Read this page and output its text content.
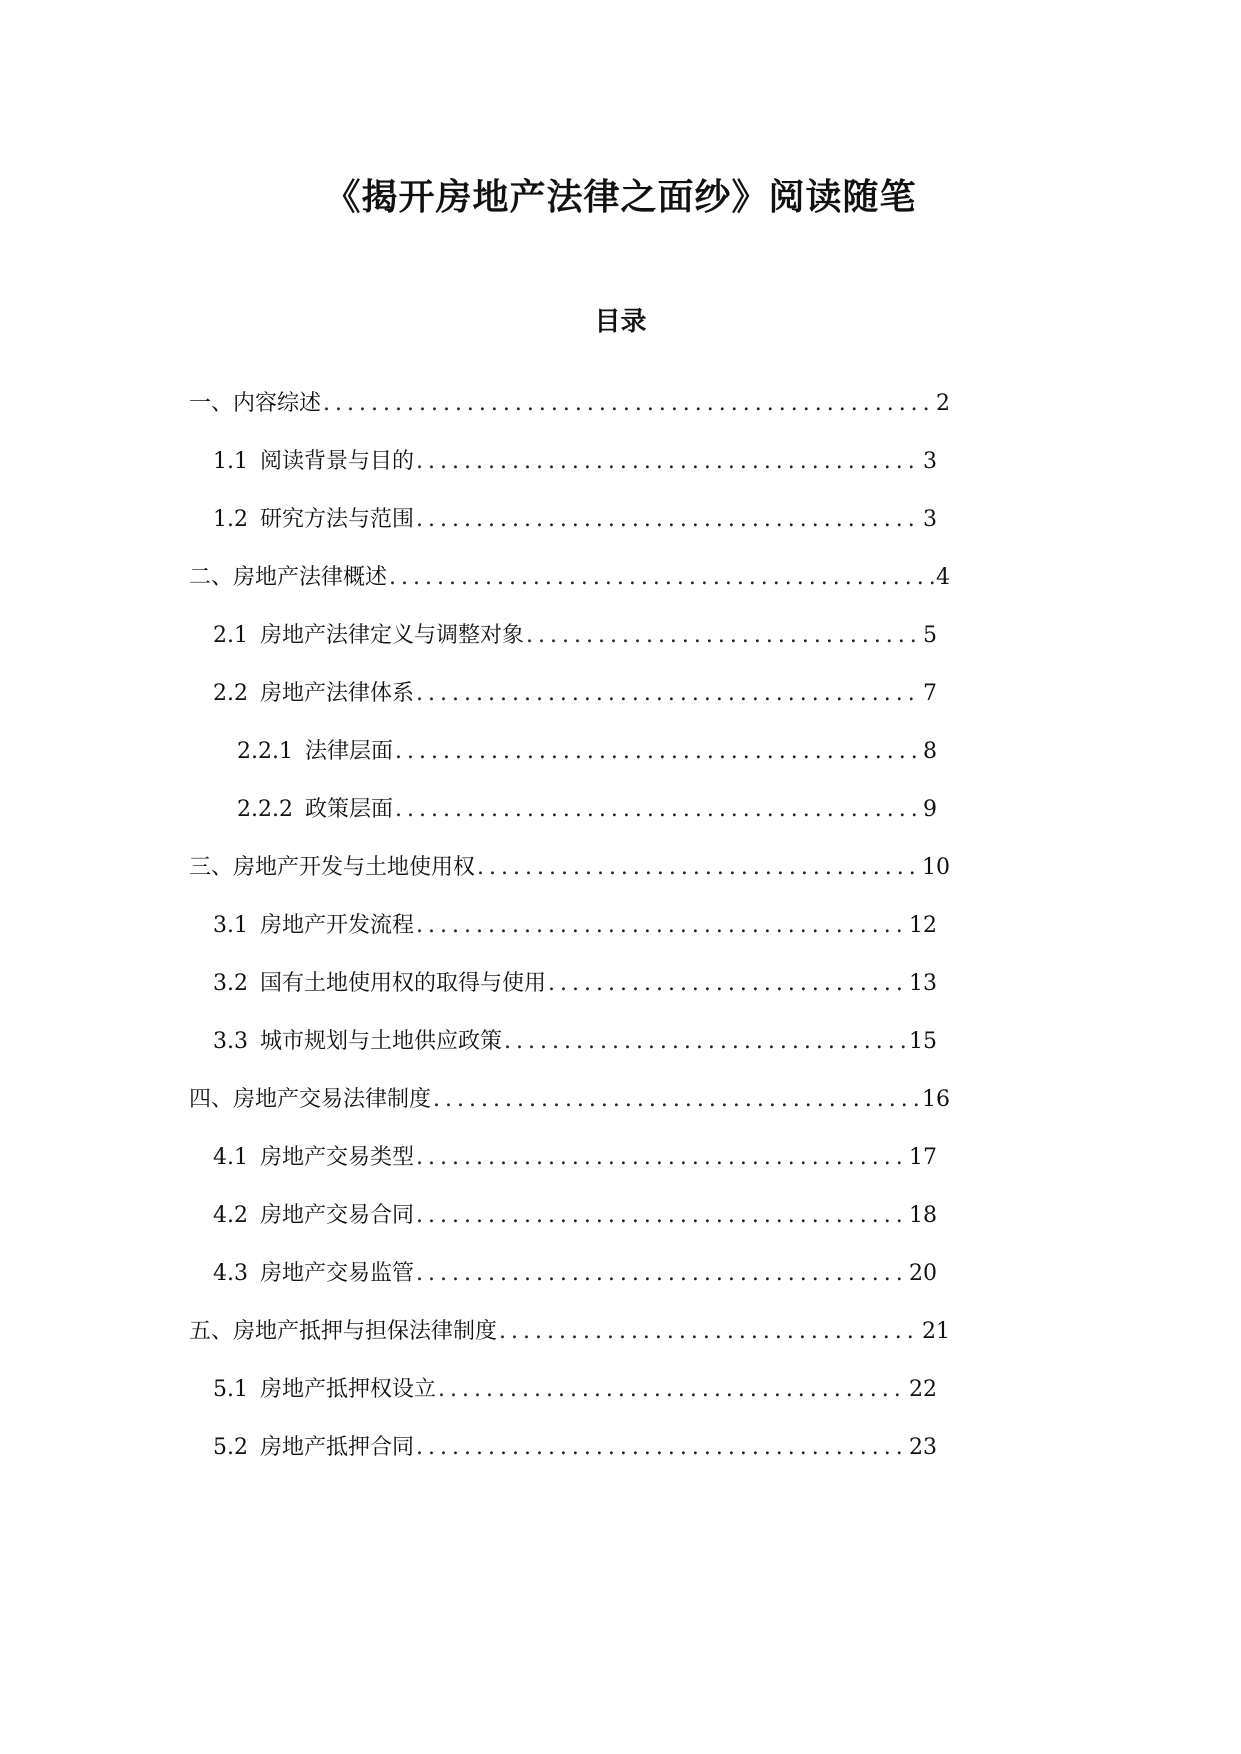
《揭开房地产法律之面纱》阅读随笔
目录
一、内容综述 .....	2
1.1 阅读背景与目的 .....	3
1.2 研究方法与范围 .....	3
二、房地产法律概述 .....	4
2.1 房地产法律定义与调整对象 .....	5
2.2 房地产法律体系 .....	7
2.2.1 法律层面 .....	8
2.2.2 政策层面 .....	9
三、房地产开发与土地使用权 .....	10
3.1 房地产开发流程 .....	12
3.2 国有土地使用权的取得与使用 .....	13
3.3 城市规划与土地供应政策 .....	15
四、房地产交易法律制度 .....	16
4.1 房地产交易类型 .....	17
4.2 房地产交易合同 .....	18
4.3 房地产交易监管 .....	20
五、房地产抵押与担保法律制度 .....	21
5.1 房地产抵押权设立 .....	22
5.2 房地产抵押合同 .....	23
